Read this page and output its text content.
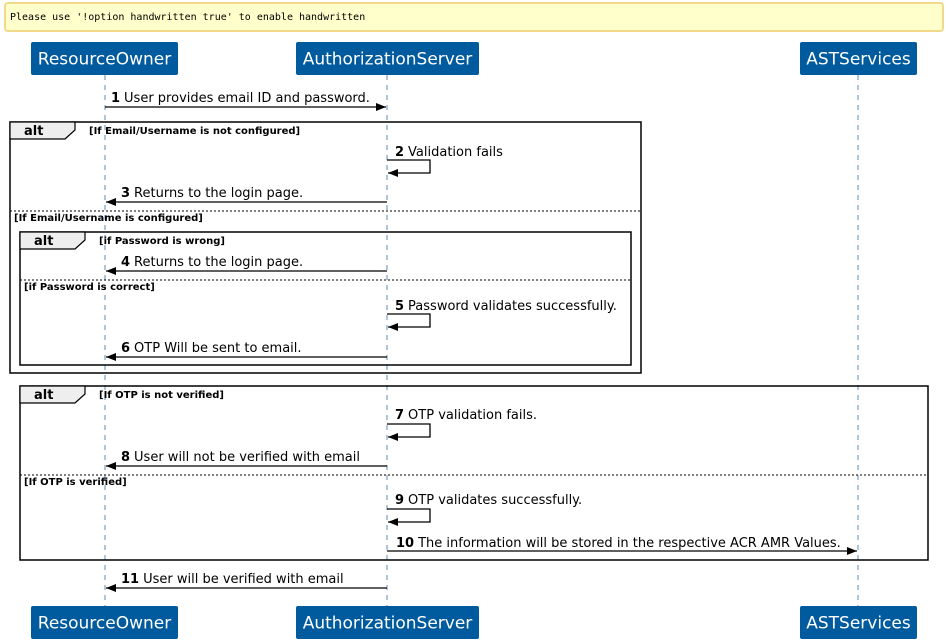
Please use '!option handwritten true' to enable handwritten
ResourceOwner	AuthorizationServer	ASTServices
ResourceOwner	AuthorizationServer	ASTServices
alt	[If Email/Username is not configured]
[If Email/Username is configured]
alt	[if Password is wrong]
[if Password is correct]
alt	[If OTP is not verified]
[If OTP is verified]
1 User provides email ID and password.
2 Validation fails
3 Returns to the login page.
4 Returns to the login page.
5 Password validates successfully.
6 OTP Will be sent to email.
7 OTP validation fails.
8 User will not be verified with email
9 OTP validates successfully.
10 The information will be stored in the respective ACR AMR Values.
11 User will be verified with email
